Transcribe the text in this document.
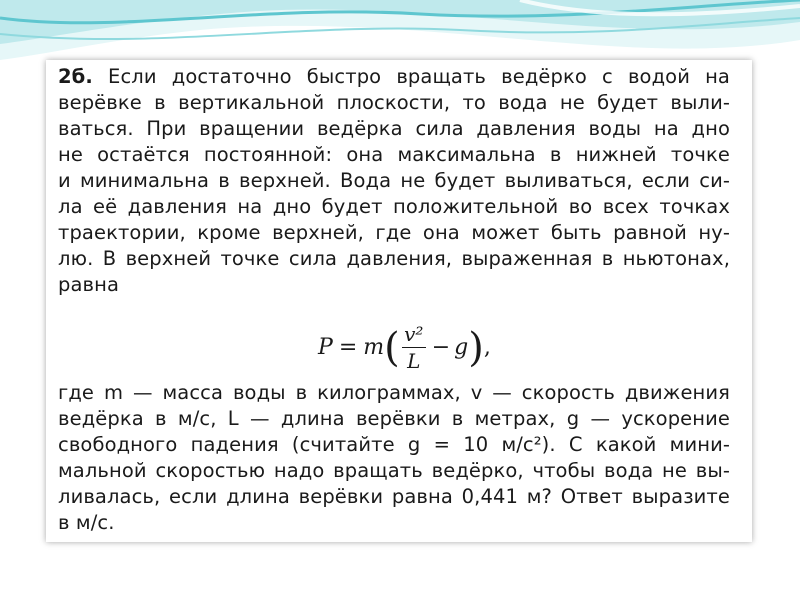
2б. Если достаточно быстро вращать ведёрко с водой на
верёвке в вертикальной плоскости, то вода не будет выли-
ваться. При вращении ведёрка сила давления воды на дно
не остаётся постоянной: она максимальна в нижней точке
и минимальна в верхней. Вода не будет выливаться, если си-
ла её давления на дно будет положительной во всех точках
траектории, кроме верхней, где она может быть равной ну-
лю. В верхней точке сила давления, выраженная в ньютонах,
равна
P = m ( $\frac{\text{v²}}{L} - g$ ) ,
где m — масса воды в килограммах, v — скорость движения
ведёрка в м/с, L — длина верёвки в метрах, g — ускорение
свободного падения (считайте g = 10 м/с²). С какой мини-
мальной скоростью надо вращать ведёрко, чтобы вода не вы-
ливалась, если длина верёвки равна 0,441 м? Ответ выразите
в м/с.
